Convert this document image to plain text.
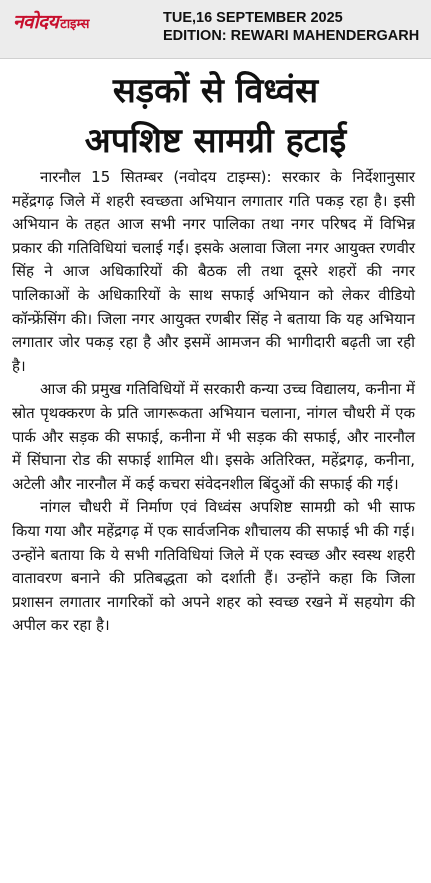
नवोदय टाइम्स	TUE,16 SEPTEMBER 2025
EDITION: REWARI MAHENDERGARH
सड़कों से विध्वंस
अपशिष्ट सामग्री हटाई

नारनौल 15 सितम्बर (नवोदय टाइम्स): सरकार के निर्देशानुसार महेंद्रगढ़ जिले में शहरी स्वच्छता अभियान लगातार गति पकड़ रहा है। इसी अभियान के तहत आज सभी नगर पालिका तथा नगर परिषद में विभिन्न प्रकार की गतिविधियां चलाई गईं। इसके अलावा जिला नगर आयुक्त रणवीर सिंह ने आज अधिकारियों की बैठक ली तथा दूसरे शहरों की नगर पालिकाओं के अधिकारियों के साथ सफाई अभियान को लेकर वीडियो कॉन्फ्रेंसिंग की। जिला नगर आयुक्त रणबीर सिंह ने बताया कि यह अभियान लगातार जोर पकड़ रहा है और इसमें आमजन की भागीदारी बढ़ती जा रही है।

आज की प्रमुख गतिविधियों में सरकारी कन्या उच्च विद्यालय, कनीना में स्रोत पृथक्करण के प्रति जागरूकता अभियान चलाना, नांगल चौधरी में एक पार्क और सड़क की सफाई, कनीना में भी सड़क की सफाई, और नारनौल में सिंघाना रोड की सफाई शामिल थी। इसके अतिरिक्त, महेंद्रगढ़, कनीना, अटेली और नारनौल में कई कचरा संवेदनशील बिंदुओं की सफाई की गई।

नांगल चौधरी में निर्माण एवं विध्वंस अपशिष्ट सामग्री को भी साफ किया गया और महेंद्रगढ़ में एक सार्वजनिक शौचालय की सफाई भी की गई। उन्होंने बताया कि ये सभी गतिविधियां जिले में एक स्वच्छ और स्वस्थ शहरी वातावरण बनाने की प्रतिबद्धता को दर्शाती हैं। उन्होंने कहा कि जिला प्रशासन लगातार नागरिकों को अपने शहर को स्वच्छ रखने में सहयोग की अपील कर रहा है।
